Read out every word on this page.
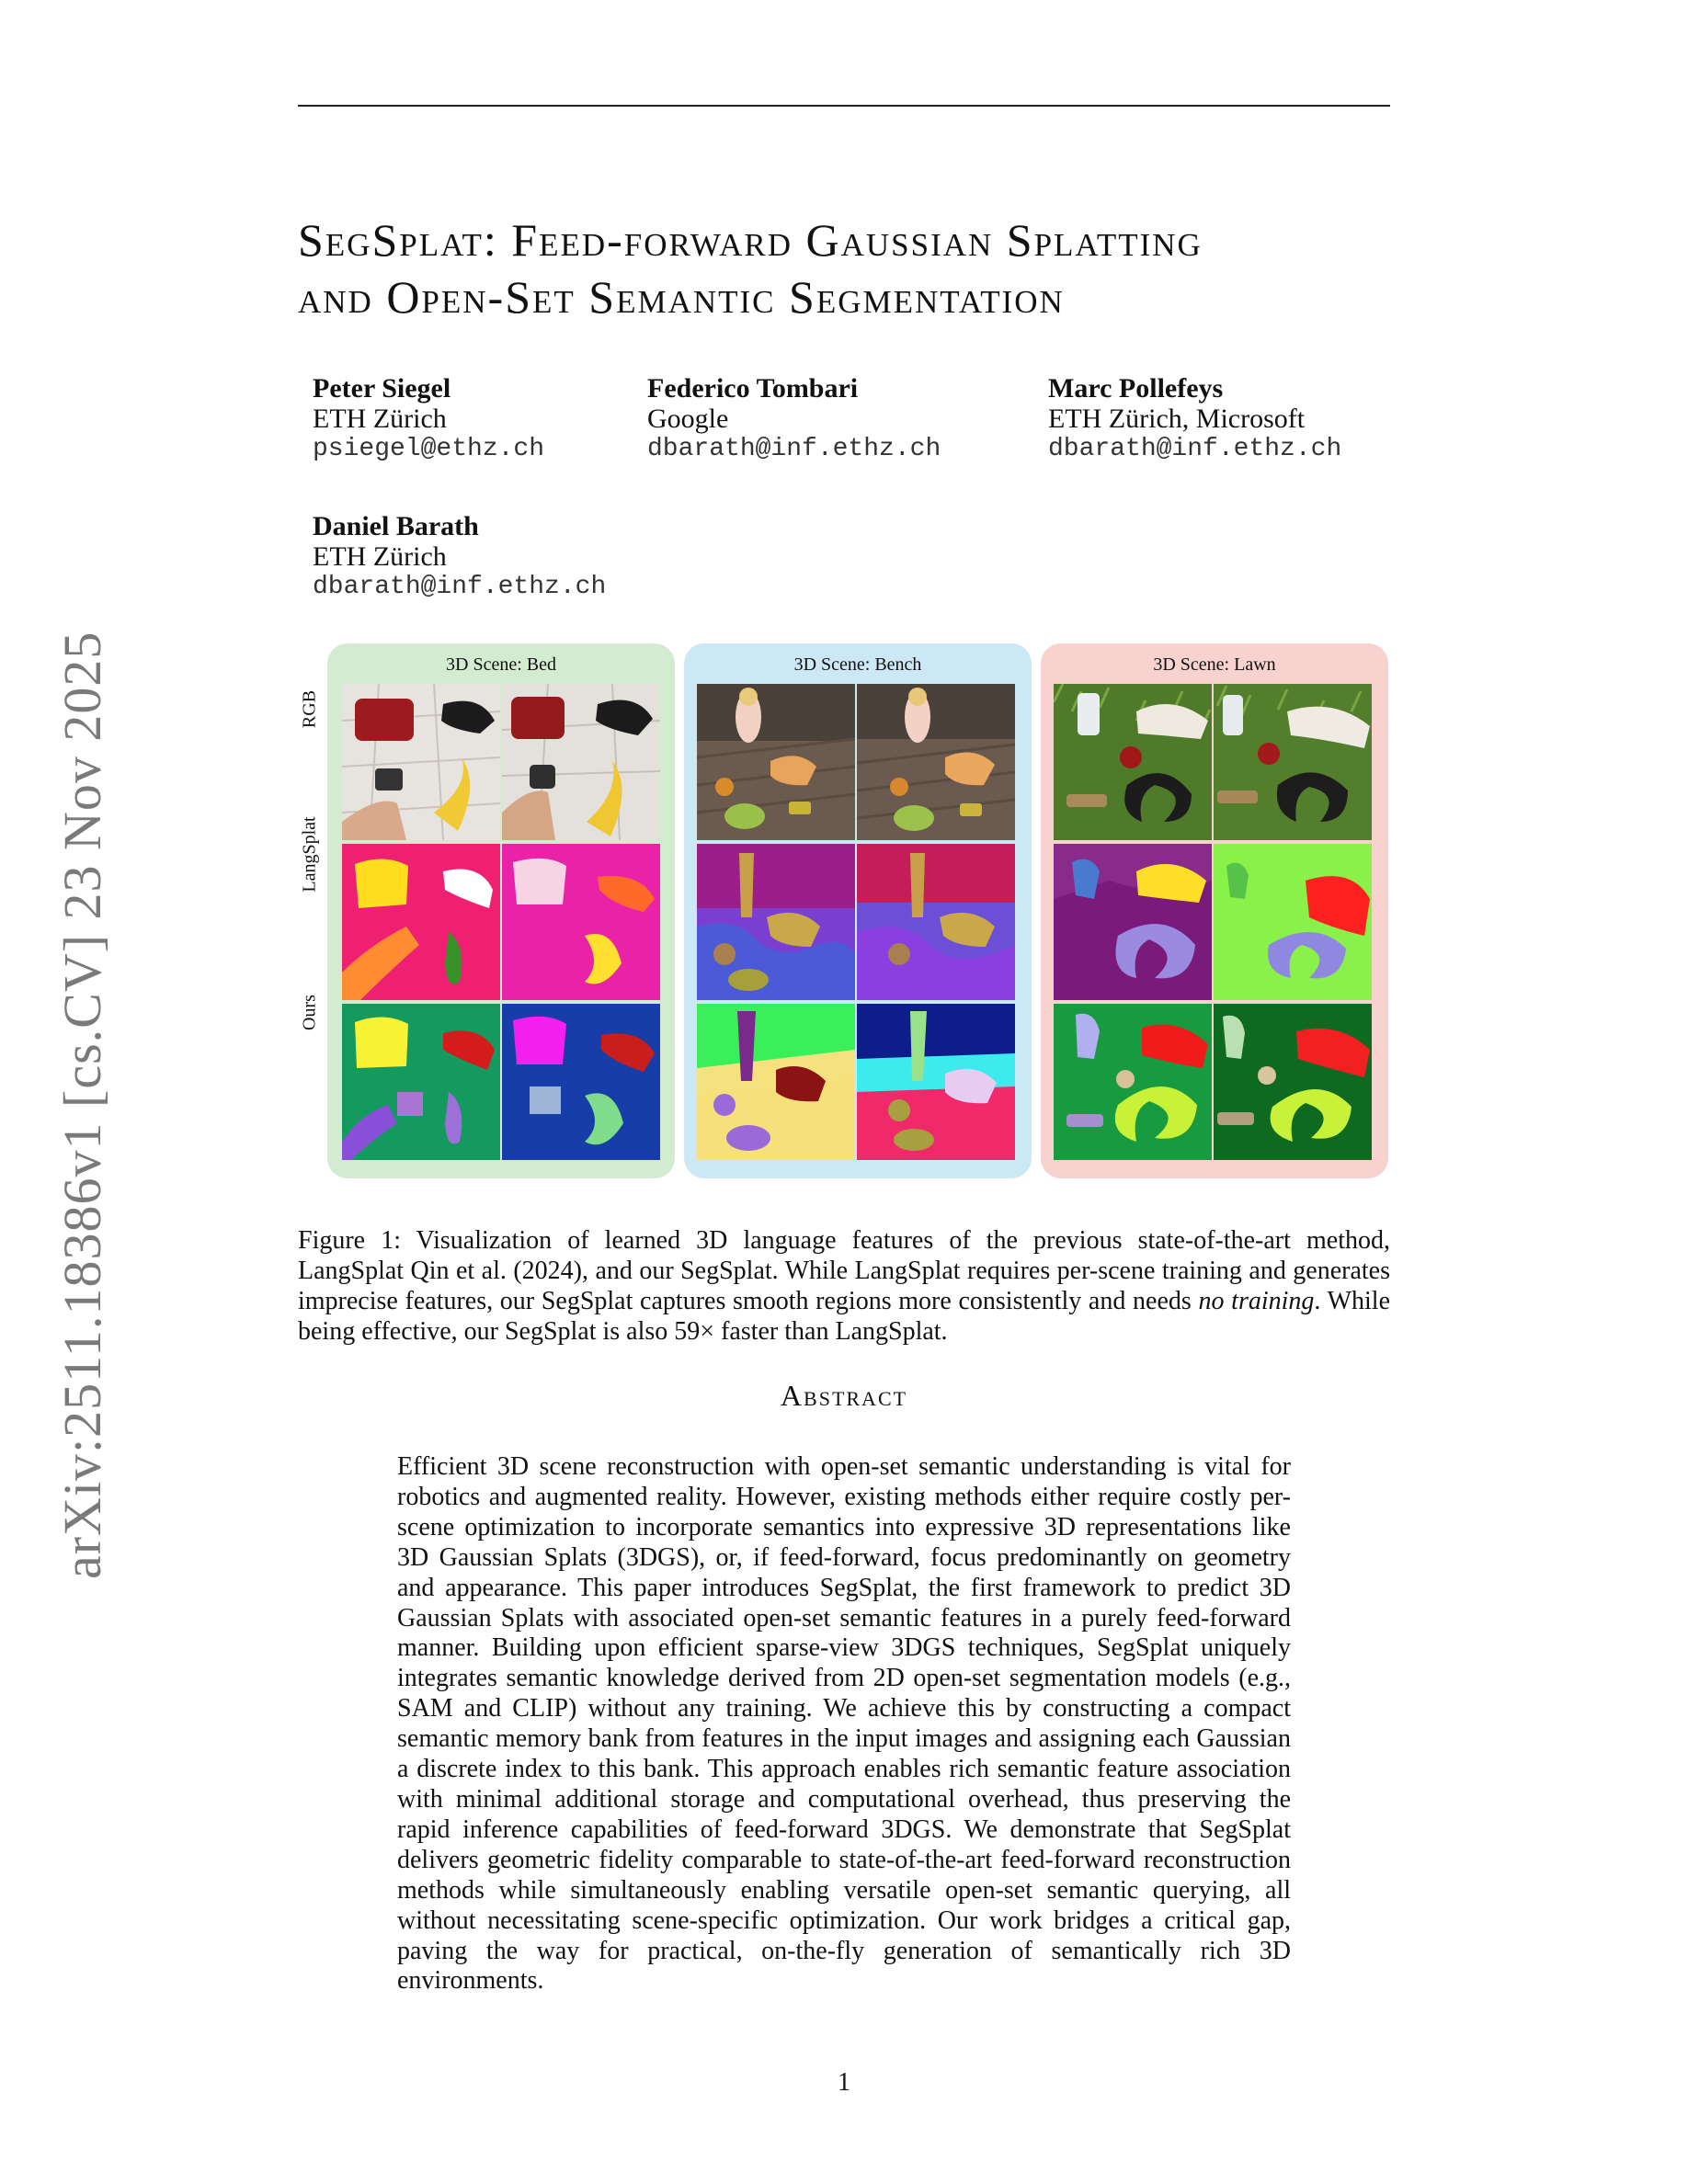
arXiv:2511.18386v1 [cs.CV] 23 Nov 2025
SegSplat: Feed-forward Gaussian Splatting
and Open-Set Semantic Segmentation
Peter Siegel
ETH Zürich
psiegel@ethz.ch
Federico Tombari
Google
dbarath@inf.ethz.ch
Marc Pollefeys
ETH Zürich, Microsoft
dbarath@inf.ethz.ch
Daniel Barath
ETH Zürich
dbarath@inf.ethz.ch
RGB
LangSplat
Ours
3D Scene: Bed	3D Scene: Bench	3D Scene: Lawn
Figure 1: Visualization of learned 3D language features of the previous state-of-the-art method, LangSplat Qin et al. (2024), and our SegSplat. While LangSplat requires per-scene training and generates imprecise features, our SegSplat captures smooth regions more consistently and needs no training. While being effective, our SegSplat is also 59× faster than LangSplat.
Abstract
Efficient 3D scene reconstruction with open-set semantic understanding is vital for robotics and augmented reality. However, existing methods either require costly per-scene optimization to incorporate semantics into expressive 3D representations like 3D Gaussian Splats (3DGS), or, if feed-forward, focus predominantly on geometry and appearance. This paper introduces SegSplat, the first framework to predict 3D Gaussian Splats with associated open-set semantic features in a purely feed-forward manner. Building upon efficient sparse-view 3DGS techniques, SegSplat uniquely integrates semantic knowledge derived from 2D open-set segmentation models (e.g., SAM and CLIP) without any training. We achieve this by constructing a compact semantic memory bank from features in the input images and assigning each Gaussian a discrete index to this bank. This approach enables rich semantic feature association with minimal additional storage and computational overhead, thus preserving the rapid inference capabilities of feed-forward 3DGS. We demonstrate that SegSplat delivers geometric fidelity comparable to state-of-the-art feed-forward reconstruction methods while simultaneously enabling versatile open-set semantic querying, all without necessitating scene-specific optimization. Our work bridges a critical gap, paving the way for practical, on-the-fly generation of semantically rich 3D environments.
1
